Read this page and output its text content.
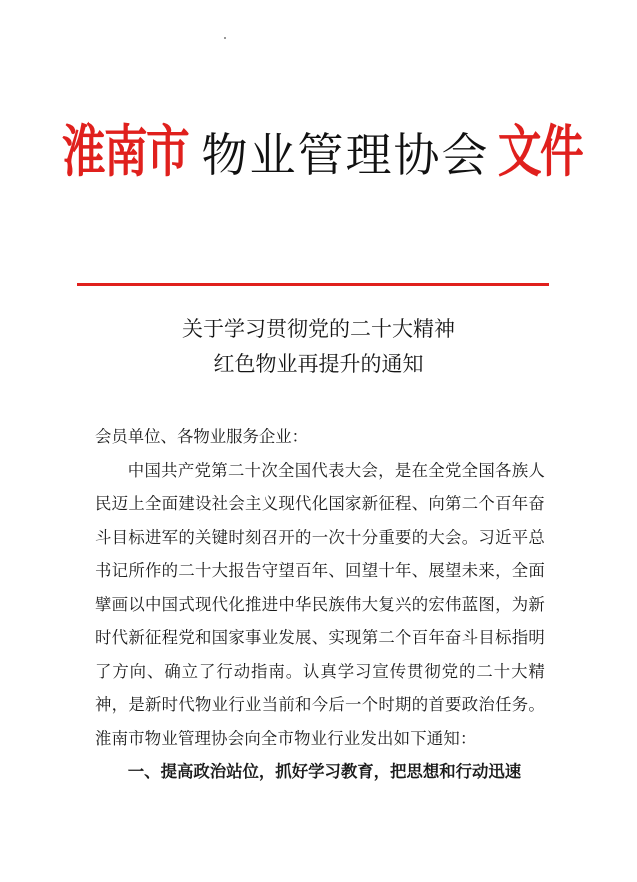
淮南市 物业管理协会 文件
关于学习贯彻党的二十大精神
红色物业再提升的通知

会员单位、各物业服务企业：

中国共产党第二十次全国代表大会，是在全党全国各族人民迈上全面建设社会主义现代化国家新征程、向第二个百年奋斗目标进军的关键时刻召开的一次十分重要的大会。习近平总书记所作的二十大报告守望百年、回望十年、展望未来，全面擘画以中国式现代化推进中华民族伟大复兴的宏伟蓝图，为新时代新征程党和国家事业发展、实现第二个百年奋斗目标指明了方向、确立了行动指南。认真学习宣传贯彻党的二十大精神，是新时代物业行业当前和今后一个时期的首要政治任务。淮南市物业管理协会向全市物业行业发出如下通知：

一、提高政治站位，抓好学习教育，把思想和行动迅速
